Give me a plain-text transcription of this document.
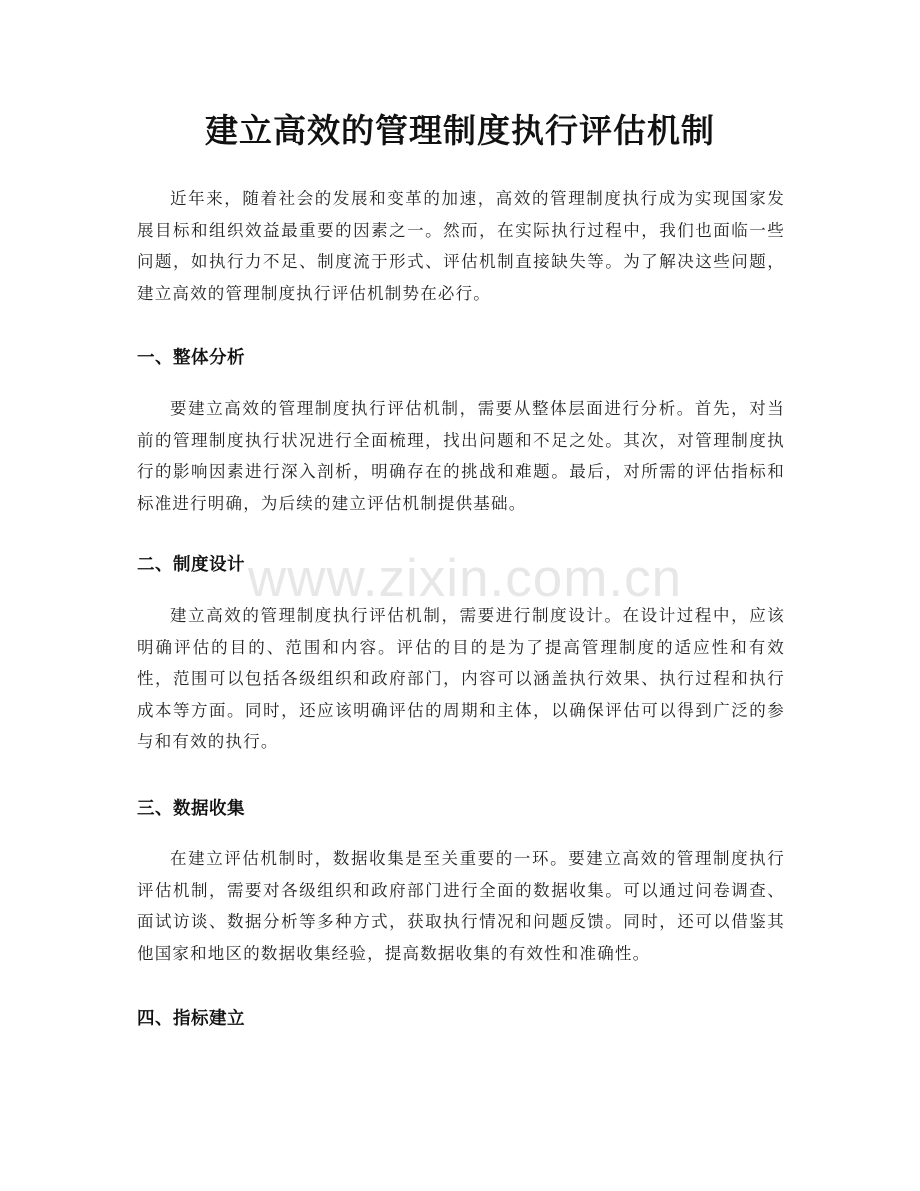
建立高效的管理制度执行评估机制

近年来，随着社会的发展和变革的加速，高效的管理制度执行成为实现国家发展目标和组织效益最重要的因素之一。然而，在实际执行过程中，我们也面临一些问题，如执行力不足、制度流于形式、评估机制直接缺失等。为了解决这些问题，建立高效的管理制度执行评估机制势在必行。

一、整体分析

要建立高效的管理制度执行评估机制，需要从整体层面进行分析。首先，对当前的管理制度执行状况进行全面梳理，找出问题和不足之处。其次，对管理制度执行的影响因素进行深入剖析，明确存在的挑战和难题。最后，对所需的评估指标和标准进行明确，为后续的建立评估机制提供基础。

二、制度设计

建立高效的管理制度执行评估机制，需要进行制度设计。在设计过程中，应该明确评估的目的、范围和内容。评估的目的是为了提高管理制度的适应性和有效性，范围可以包括各级组织和政府部门，内容可以涵盖执行效果、执行过程和执行成本等方面。同时，还应该明确评估的周期和主体，以确保评估可以得到广泛的参与和有效的执行。

三、数据收集

在建立评估机制时，数据收集是至关重要的一环。要建立高效的管理制度执行评估机制，需要对各级组织和政府部门进行全面的数据收集。可以通过问卷调查、面试访谈、数据分析等多种方式，获取执行情况和问题反馈。同时，还可以借鉴其他国家和地区的数据收集经验，提高数据收集的有效性和准确性。

四、指标建立
www.zixin.com.cn
